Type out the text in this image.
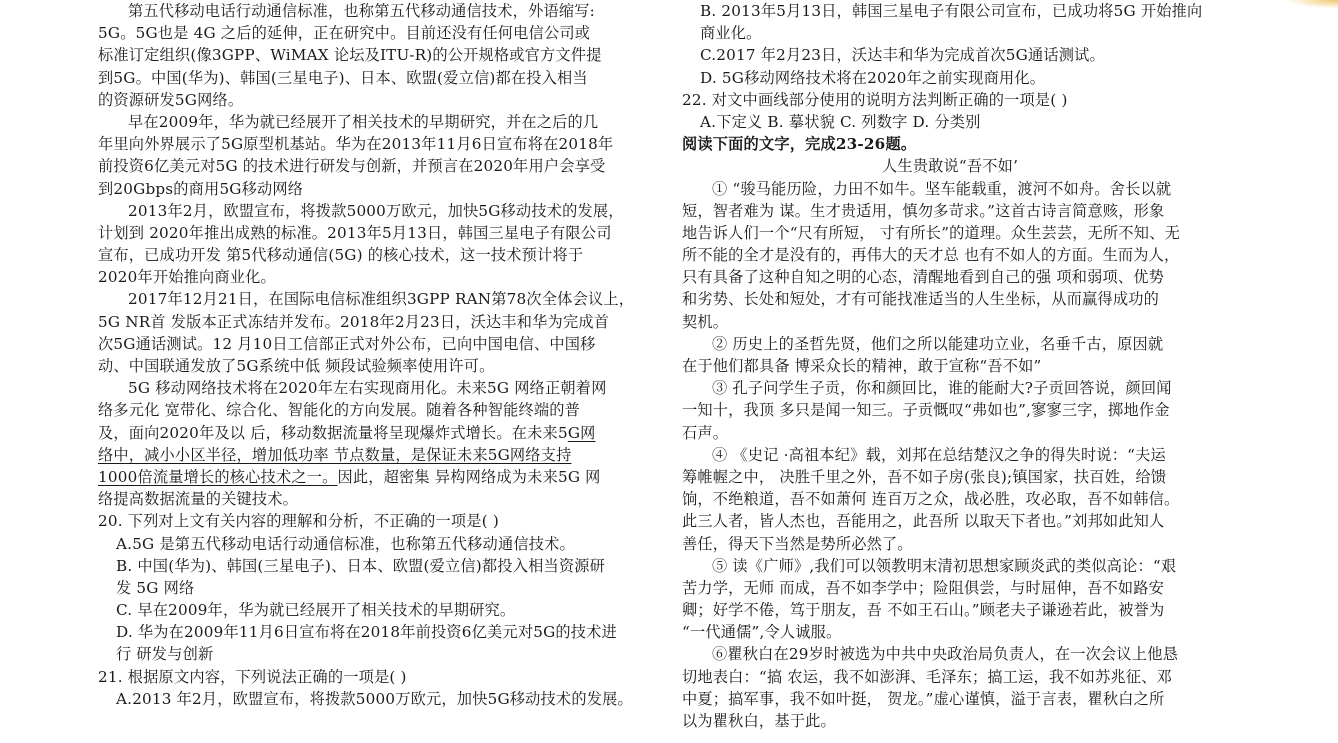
第五代移动电话行动通信标准，也称第五代移动通信技术，外语缩写:
5G。5G也是 4G 之后的延伸，正在研究中。目前还没有任何电信公司或
标准订定组织(像3GPP、WiMAX 论坛及ITU-R)的公开规格或官方文件提
到5G。中国(华为)、韩国(三星电子)、日本、欧盟(爱立信)都在投入相当
的资源研发5G网络。
早在2009年，华为就已经展开了相关技术的早期研究，并在之后的几
年里向外界展示了5G原型机基站。华为在2013年11月6日宣布将在2018年
前投资6亿美元对5G 的技术进行研发与创新，并预言在2020年用户会享受
到20Gbps的商用5G移动网络
2013年2月，欧盟宣布，将拨款5000万欧元，加快5G移动技术的发展，
计划到 2020年推出成熟的标准。2013年5月13日，韩国三星电子有限公司
宣布，已成功开发 第5代移动通信(5G) 的核心技术，这一技术预计将于
2020年开始推向商业化。
2017年12月21日，在国际电信标准组织3GPP RAN第78次全体会议上，
5G NR首 发版本正式冻结并发布。2018年2月23日，沃达丰和华为完成首
次5G通话测试。12 月10日工信部正式对外公布，已向中国电信、中国移
动、中国联通发放了5G系统中低 频段试验频率使用许可。
5G 移动网络技术将在2020年左右实现商用化。未来5G 网络正朝着网
络多元化 宽带化、综合化、智能化的方向发展。随着各种智能终端的普
及，面向2020年及以 后，移动数据流量将呈现爆炸式增长。在未来5G网
络中，减小小区半径，增加低功率 节点数量，是保证未来5G网络支持
1000倍流量增长的核心技术之一。因此，超密集 异构网络成为未来5G 网
络提高数据流量的关键技术。
20. 下列对上文有关内容的理解和分析，不正确的一项是( )
A.5G 是第五代移动电话行动通信标准，也称第五代移动通信技术。
B. 中国(华为)、韩国(三星电子)、日本、欧盟(爱立信)都投入相当资源研
发 5G 网络
C. 早在2009年，华为就已经展开了相关技术的早期研究。
D. 华为在2009年11月6日宣布将在2018年前投资6亿美元对5G的技术进
行 研发与创新
21. 根据原文内容，下列说法正确的一项是( )
A.2013 年2月，欧盟宣布，将拨款5000万欧元，加快5G移动技术的发展。
B. 2013年5月13日，韩国三星电子有限公司宣布，已成功将5G 开始推向
商业化。
C.2017 年2月23日，沃达丰和华为完成首次5G通话测试。
D. 5G移动网络技术将在2020年之前实现商用化。
22. 对文中画线部分使用的说明方法判断正确的一项是( )
A.下定义 B. 摹状貌 C. 列数字 D. 分类别
阅读下面的文字，完成23-26题。
人生贵敢说“吾不如’
① “骏马能历险，力田不如牛。坚车能载重，渡河不如舟。舍长以就
短，智者难为 谋。生才贵适用，慎勿多苛求。”这首古诗言简意赅，形象
地告诉人们一个“尺有所短， 寸有所长”的道理。众生芸芸，无所不知、无
所不能的全才是没有的，再伟大的天才总 也有不如人的方面。生而为人，
只有具备了这种自知之明的心态，清醒地看到自己的强 项和弱项、优势
和劣势、长处和短处，才有可能找准适当的人生坐标，从而赢得成功的
契机。
② 历史上的圣哲先贤，他们之所以能建功立业，名垂千古，原因就
在于他们都具备 博采众长的精神，敢于宣称“吾不如”
③ 孔子问学生子贡，你和颜回比，谁的能耐大?子贡回答说，颜回闻
一知十，我顶 多只是闻一知三。子贡慨叹“弗如也”,寥寥三字，掷地作金
石声。
④ 《史记 ·高祖本纪》载，刘邦在总结楚汉之争的得失时说：“夫运
筹帷幄之中， 决胜千里之外，吾不如子房(张良);镇国家，扶百姓，给馈
饷，不绝粮道，吾不如萧何 连百万之众，战必胜，攻必取，吾不如韩信。
此三人者，皆人杰也，吾能用之，此吾所 以取天下者也。”刘邦如此知人
善任，得天下当然是势所必然了。
⑤ 读《广师》,我们可以领教明末清初思想家顾炎武的类似高论：“艰
苦力学，无师 而成，吾不如李学中；险阻俱尝，与时屈伸，吾不如路安
卿；好学不倦，笃于朋友，吾 不如王石山。”顾老夫子谦逊若此，被誉为
“一代通儒”,令人诚服。
⑥瞿秋白在29岁时被选为中共中央政治局负责人，在一次会议上他恳
切地表白：“搞 农运，我不如澎湃、毛泽东；搞工运，我不如苏兆征、邓
中夏；搞军事，我不如叶挺， 贺龙。”虚心谨慎，溢于言表，瞿秋白之所
以为瞿秋白，基于此。
